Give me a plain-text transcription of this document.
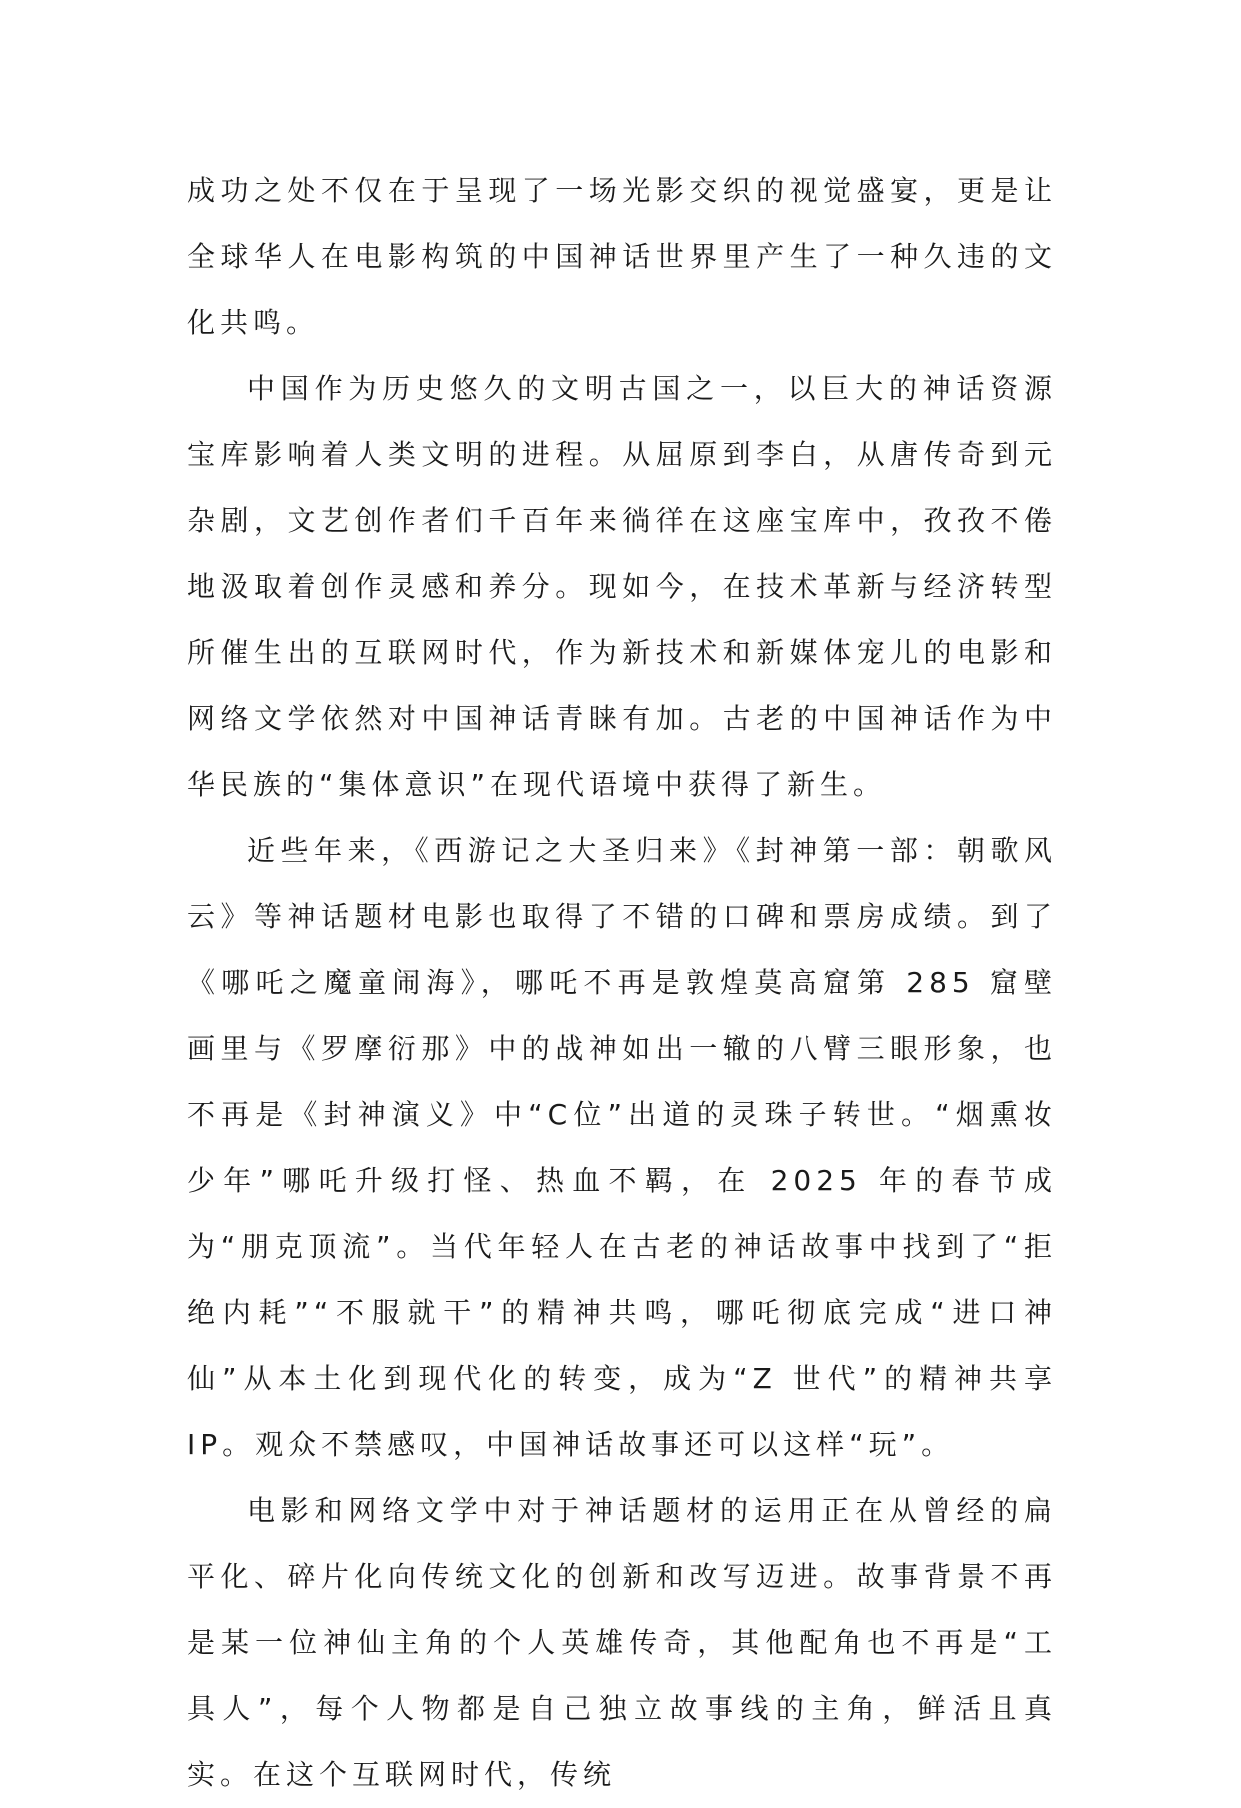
成功之处不仅在于呈现了一场光影交织的视觉盛宴，更是让全球华人在电影构筑的中国神话世界里产生了一种久违的文化共鸣。

中国作为历史悠久的文明古国之一，以巨大的神话资源宝库影响着人类文明的进程。从屈原到李白，从唐传奇到元杂剧，文艺创作者们千百年来徜徉在这座宝库中，孜孜不倦地汲取着创作灵感和养分。现如今，在技术革新与经济转型所催生出的互联网时代，作为新技术和新媒体宠儿的电影和网络文学依然对中国神话青睐有加。古老的中国神话作为中华民族的“集体意识”在现代语境中获得了新生。

近些年来，《西游记之大圣归来》《封神第一部：朝歌风云》等神话题材电影也取得了不错的口碑和票房成绩。到了《哪吒之魔童闹海》，哪吒不再是敦煌莫高窟第 285 窟壁画里与《罗摩衍那》中的战神如出一辙的八臂三眼形象，也不再是《封神演义》中“C位”出道的灵珠子转世。“烟熏妆少年”哪吒升级打怪、热血不羁，在 2025 年的春节成为“朋克顶流”。当代年轻人在古老的神话故事中找到了“拒绝内耗”“不服就干”的精神共鸣，哪吒彻底完成“进口神仙”从本土化到现代化的转变，成为“Z 世代”的精神共享 IP。观众不禁感叹，中国神话故事还可以这样“玩”。

电影和网络文学中对于神话题材的运用正在从曾经的扁平化、碎片化向传统文化的创新和改写迈进。故事背景不再是某一位神仙主角的个人英雄传奇，其他配角也不再是“工具人”，每个人物都是自己独立故事线的主角，鲜活且真实。在这个互联网时代，传统
